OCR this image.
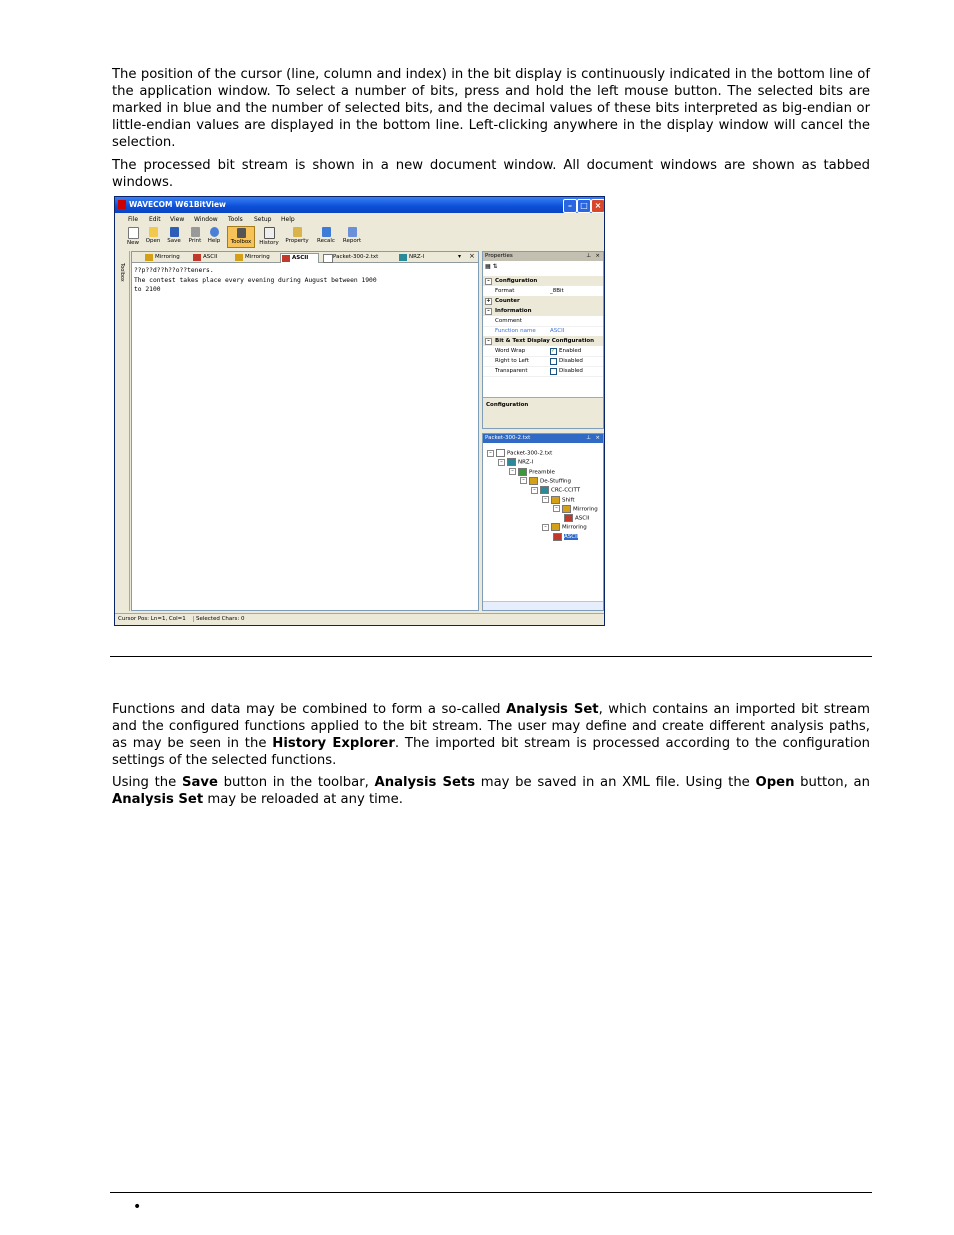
The position of the cursor (line, column and index) in the bit display is continuously indicated in the bottom line of the application window. To select a number of bits, press and hold the left mouse button. The selected bits are marked in blue and the number of selected bits, and the decimal values of these bits interpreted as big-endian or little-endian values are displayed in the bottom line. Left-clicking anywhere in the display window will cancel the selection.

The processed bit stream is shown in a new document window. All document windows are shown as tabbed windows.

WAVECOM W61BitView	–	□ ×
File Edit View Window Tools Setup Help
New	Open	Save	Print	Help	Toolbox	History	Property	Recalc	Report
Toolbox
Mirroring	ASCII	Mirroring	ASCII	Packet-300-2.txt	NRZ-I	▾ ×
??p??d??h??o??teners.
The contest takes place every evening during August between 1900
to 2100
Properties	⊥ ×
▦ ⇅
– Configuration
Format	_8Bit
+ Counter
– Information
Comment
Function name	ASCII
– Bit & Text Display Configuration
Word Wrap	✓ Enabled
Right to Left	Disabled
Transparent	Disabled
Configuration
Packet-300-2.txt	⊥ ×
–	Packet-300-2.txt
–	NRZ-I
–	Preamble
–	De-Stuffing
–	CRC-CCITT
–	Shift
–	Mirroring
ASCII
–	Mirroring
ASCII
Cursor Pos: Ln=1, Col=1	Selected Chars: 0

Functions and data may be combined to form a so-called Analysis Set, which contains an imported bit stream and the configured functions applied to the bit stream. The user may define and create different analysis paths, as may be seen in the History Explorer. The imported bit stream is processed according to the configuration settings of the selected functions.

Using the Save button in the toolbar, Analysis Sets may be saved in an XML file. Using the Open button, an Analysis Set may be reloaded at any time.

•
